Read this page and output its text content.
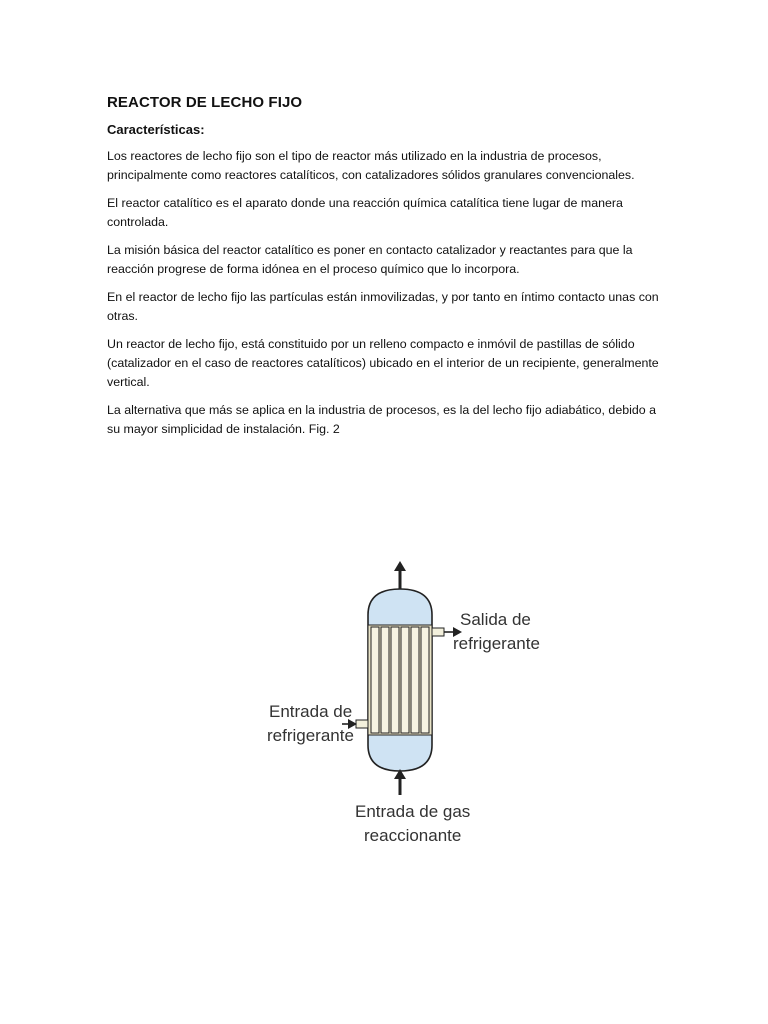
REACTOR DE LECHO FIJO
Características:

Los reactores de lecho fijo son el tipo de reactor más utilizado en la industria de procesos, principalmente como reactores catalíticos, con catalizadores sólidos granulares convencionales.

El reactor catalítico es el aparato donde una reacción química catalítica tiene lugar de manera controlada.

La misión básica del reactor catalítico es poner en contacto catalizador y reactantes para que la reacción progrese de forma idónea en el proceso químico que lo incorpora.

En el reactor de lecho fijo las partículas están inmovilizadas, y por tanto en íntimo contacto unas con otras.

Un reactor de lecho fijo, está constituido por un relleno compacto e inmóvil de pastillas de sólido (catalizador en el caso de reactores catalíticos) ubicado en el interior de un recipiente, generalmente vertical.

La alternativa que más se aplica en la industria de procesos, es la del lecho fijo adiabático, debido a su mayor simplicidad de instalación. Fig. 2

Salida de
refrigerante
Entrada de
refrigerante
Entrada de gas
reaccionante
